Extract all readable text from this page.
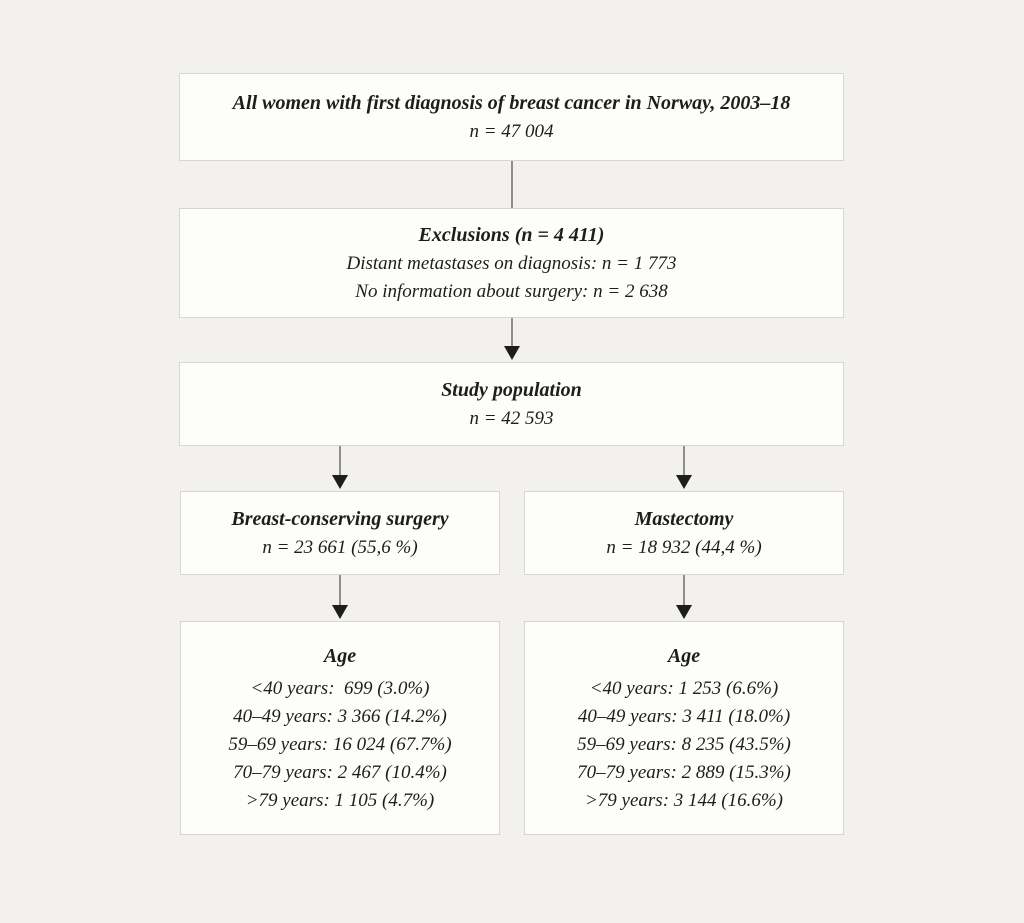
All women with first diagnosis of breast cancer in Norway, 2003–18
n = 47 004
Exclusions (n = 4 411)
Distant metastases on diagnosis: n = 1 773
No information about surgery: n = 2 638
Study population
n = 42 593
Breast-conserving surgery
n = 23 661 (55,6 %)
Mastectomy
n = 18 932 (44,4 %)
Age
<40 years:  699 (3.0%)
40–49 years: 3 366 (14.2%)
59–69 years: 16 024 (67.7%)
70–79 years: 2 467 (10.4%)
>79 years: 1 105 (4.7%)
Age
<40 years: 1 253 (6.6%)
40–49 years: 3 411 (18.0%)
59–69 years: 8 235 (43.5%)
70–79 years: 2 889 (15.3%)
>79 years: 3 144 (16.6%)
